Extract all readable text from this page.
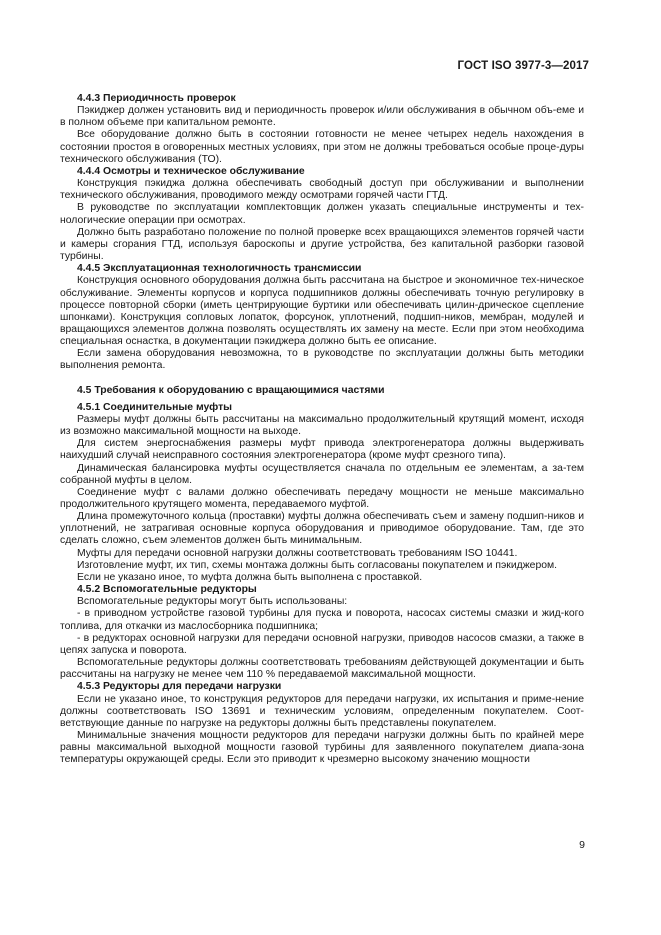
ГОСТ ISO 3977-3—2017

4.4.3 Периодичность проверок

Пэкиджер должен установить вид и периодичность проверок и/или обслуживания в обычном объ-еме и в полном объеме при капитальном ремонте.

Все оборудование должно быть в состоянии готовности не менее четырех недель нахождения в состоянии простоя в оговоренных местных условиях, при этом не должны требоваться особые проце-дуры технического обслуживания (ТО).

4.4.4 Осмотры и техническое обслуживание

Конструкция пэкиджа должна обеспечивать свободный доступ при обслуживании и выполнении технического обслуживания, проводимого между осмотрами горячей части ГТД.

В руководстве по эксплуатации комплектовщик должен указать специальные инструменты и тех-нологические операции при осмотрах.

Должно быть разработано положение по полной проверке всех вращающихся элементов горячей части и камеры сгорания ГТД, используя бароскопы и другие устройства, без капитальной разборки газовой турбины.

4.4.5 Эксплуатационная технологичность трансмиссии

Конструкция основного оборудования должна быть рассчитана на быстрое и экономичное тех-ническое обслуживание. Элементы корпусов и корпуса подшипников должны обеспечивать точную регулировку в процессе повторной сборки (иметь центрирующие буртики или обеспечивать цилин-дрическое сцепление шпонками). Конструкция сопловых лопаток, форсунок, уплотнений, подшип-ников, мембран, модулей и вращающихся элементов должна позволять осуществлять их замену на месте. Если при этом необходима специальная оснастка, в документации пэкиджера должно быть ее описание.

Если замена оборудования невозможна, то в руководстве по эксплуатации должны быть методики выполнения ремонта.

4.5 Требования к оборудованию с вращающимися частями

4.5.1 Соединительные муфты

Размеры муфт должны быть рассчитаны на максимально продолжительный крутящий момент, исходя из возможно максимальной мощности на выходе.

Для систем энергоснабжения размеры муфт привода электрогенератора должны выдерживать наихудший случай неисправного состояния электрогенератора (кроме муфт срезного типа).

Динамическая балансировка муфты осуществляется сначала по отдельным ее элементам, а за-тем собранной муфты в целом.

Соединение муфт с валами должно обеспечивать передачу мощности не меньше максимально продолжительного крутящего момента, передаваемого муфтой.

Длина промежуточного кольца (проставки) муфты должна обеспечивать съем и замену подшип-ников и уплотнений, не затрагивая основные корпуса оборудования и приводимое оборудование. Там, где это сделать сложно, съем элементов должен быть минимальным.

Муфты для передачи основной нагрузки должны соответствовать требованиям ISO 10441.

Изготовление муфт, их тип, схемы монтажа должны быть согласованы покупателем и пэкиджером.

Если не указано иное, то муфта должна быть выполнена с проставкой.

4.5.2 Вспомогательные редукторы

Вспомогательные редукторы могут быть использованы:

- в приводном устройстве газовой турбины для пуска и поворота, насосах системы смазки и жид-кого топлива, для откачки из маслосборника подшипника;

- в редукторах основной нагрузки для передачи основной нагрузки, приводов насосов смазки, а также в цепях запуска и поворота.

Вспомогательные редукторы должны соответствовать требованиям действующей документации и быть рассчитаны на нагрузку не менее чем 110 % передаваемой максимальной мощности.

4.5.3 Редукторы для передачи нагрузки

Если не указано иное, то конструкция редукторов для передачи нагрузки, их испытания и приме-нение должны соответствовать ISO 13691 и техническим условиям, определенным покупателем. Соот-ветствующие данные по нагрузке на редукторы должны быть представлены покупателем.

Минимальные значения мощности редукторов для передачи нагрузки должны быть по крайней мере равны максимальной выходной мощности газовой турбины для заявленного покупателем диапа-зона температуры окружающей среды. Если это приводит к чрезмерно высокому значению мощности

9
